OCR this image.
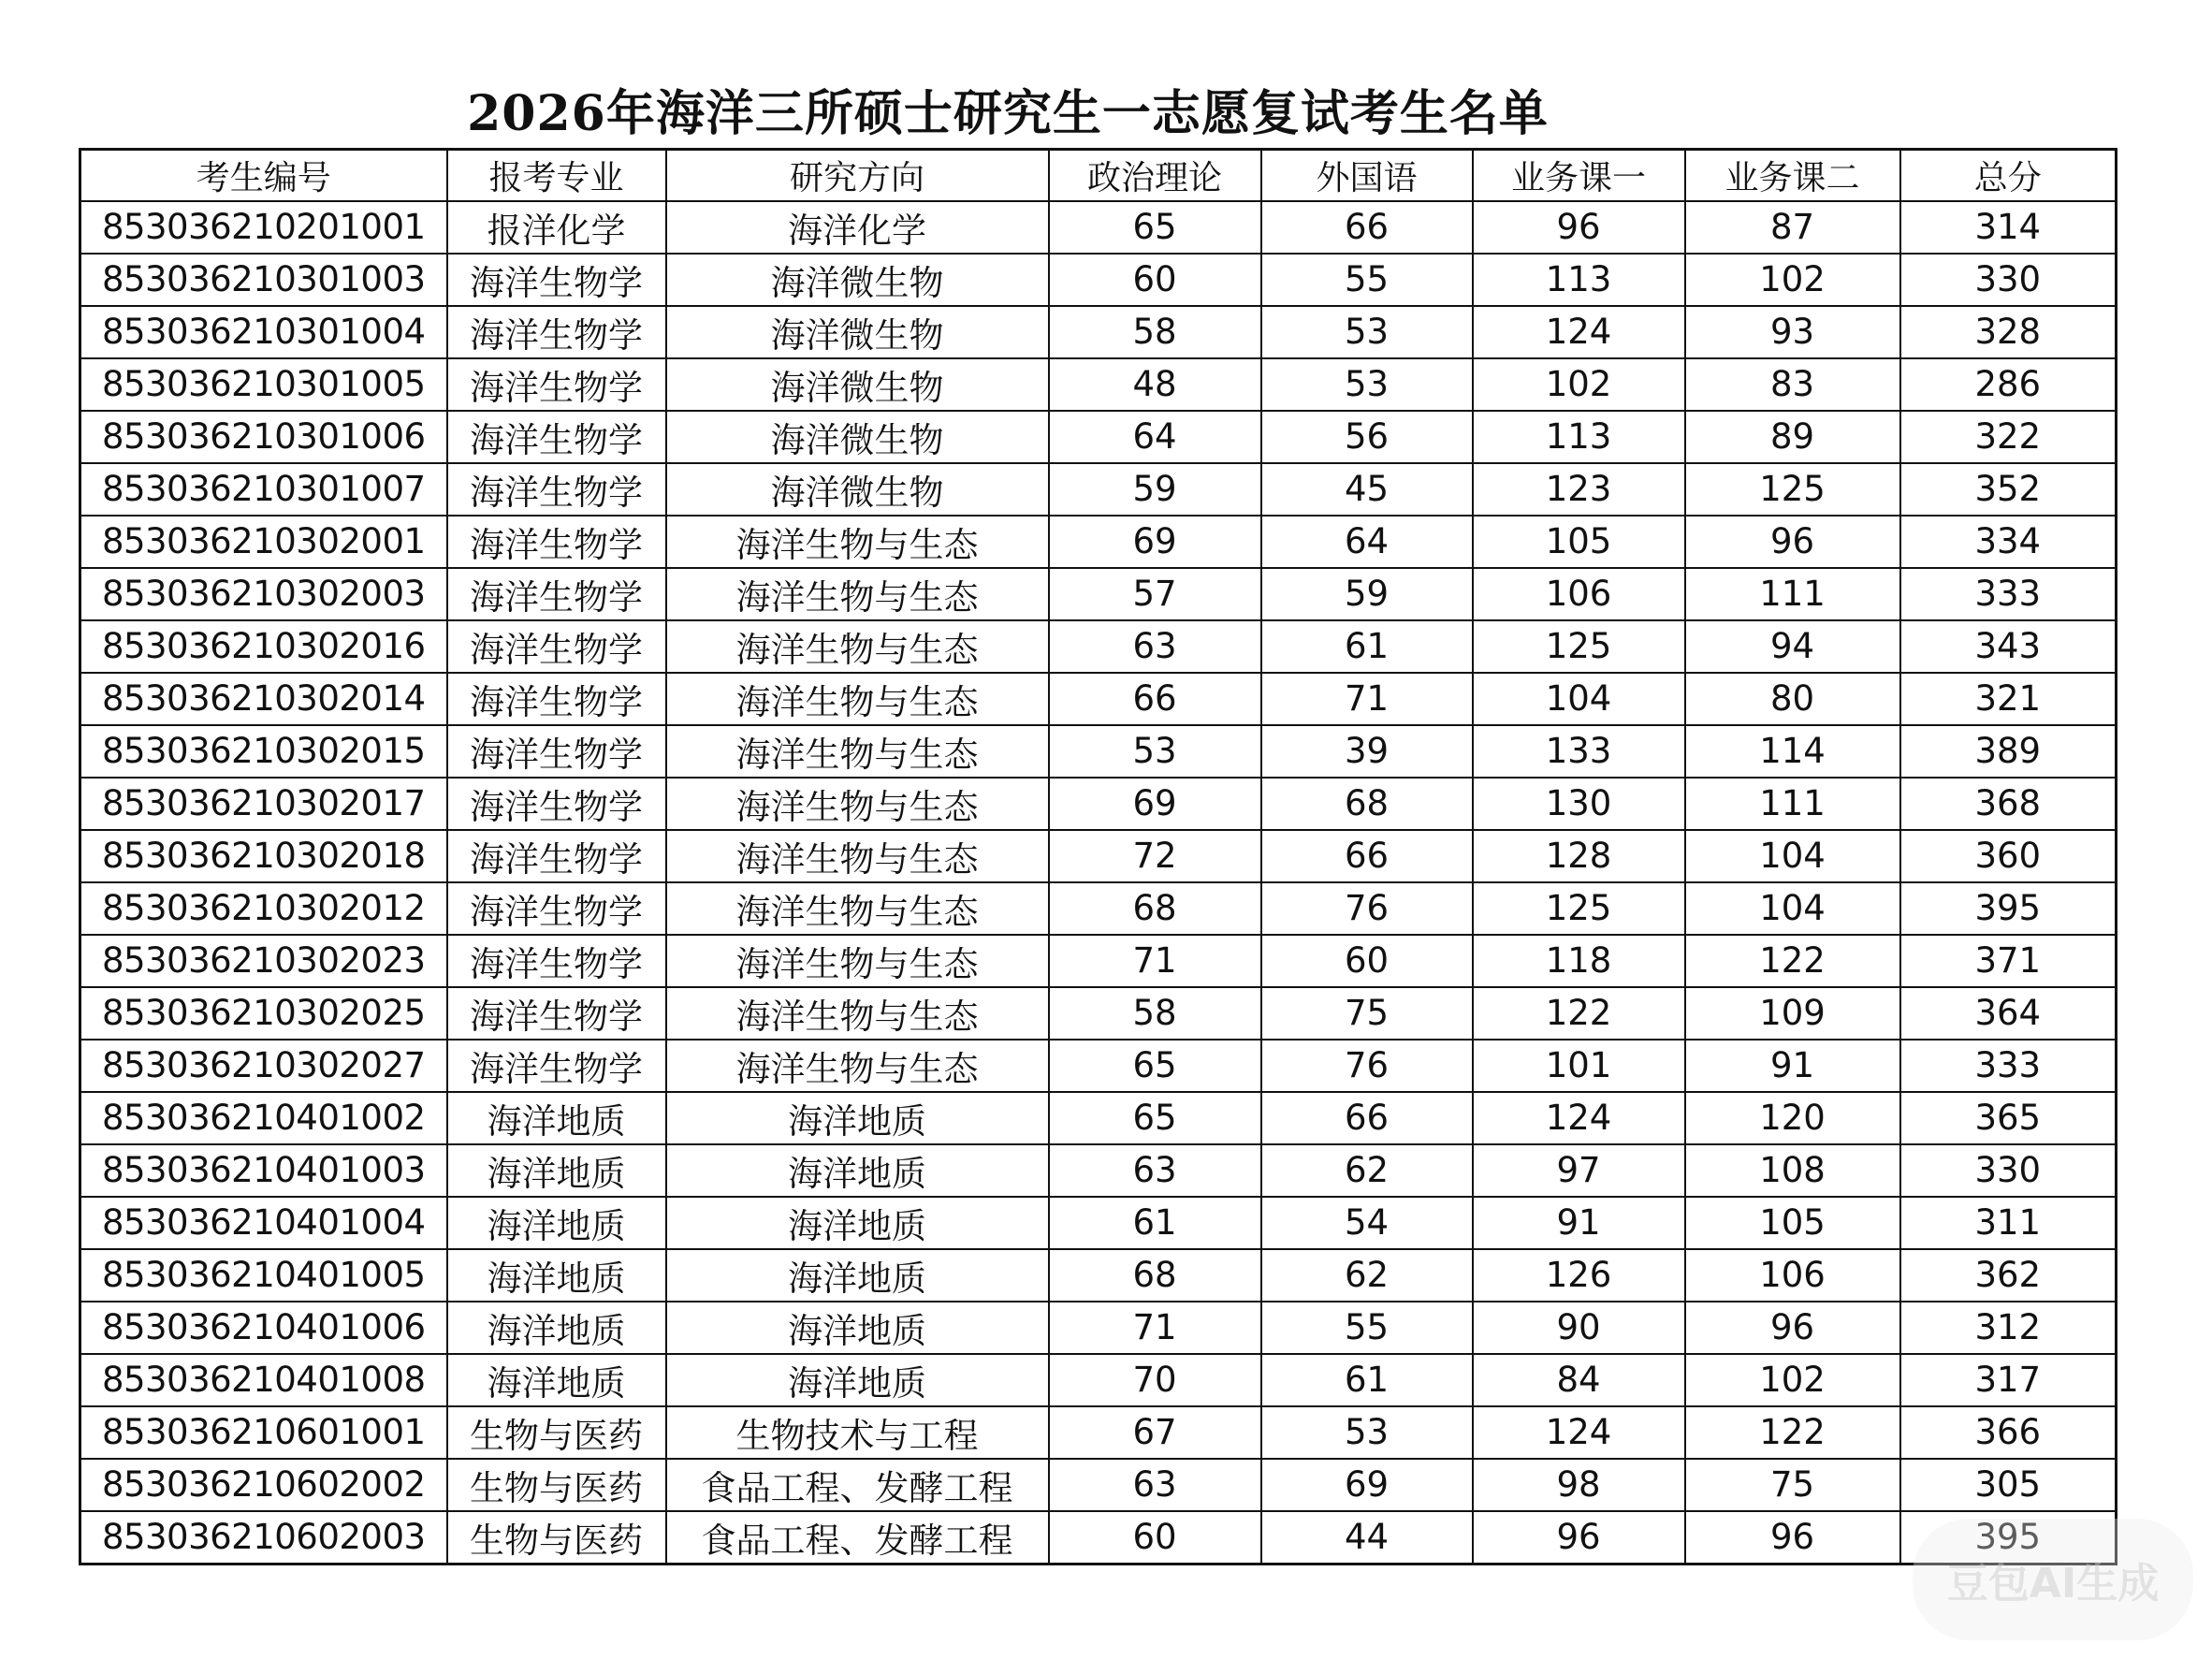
2026年海洋三所硕士研究生一志愿复试考生名单
考生编号	报考专业	研究方向	政治理论	外国语	业务课一	业务课二	总分
853036210201001	报洋化学	海洋化学	65	66	96	87	314
853036210301003	海洋生物学	海洋微生物	60	55	113	102	330
853036210301004	海洋生物学	海洋微生物	58	53	124	93	328
853036210301005	海洋生物学	海洋微生物	48	53	102	83	286
853036210301006	海洋生物学	海洋微生物	64	56	113	89	322
853036210301007	海洋生物学	海洋微生物	59	45	123	125	352
853036210302001	海洋生物学	海洋生物与生态	69	64	105	96	334
853036210302003	海洋生物学	海洋生物与生态	57	59	106	111	333
853036210302016	海洋生物学	海洋生物与生态	63	61	125	94	343
853036210302014	海洋生物学	海洋生物与生态	66	71	104	80	321
853036210302015	海洋生物学	海洋生物与生态	53	39	133	114	389
853036210302017	海洋生物学	海洋生物与生态	69	68	130	111	368
853036210302018	海洋生物学	海洋生物与生态	72	66	128	104	360
853036210302012	海洋生物学	海洋生物与生态	68	76	125	104	395
853036210302023	海洋生物学	海洋生物与生态	71	60	118	122	371
853036210302025	海洋生物学	海洋生物与生态	58	75	122	109	364
853036210302027	海洋生物学	海洋生物与生态	65	76	101	91	333
853036210401002	海洋地质	海洋地质	65	66	124	120	365
853036210401003	海洋地质	海洋地质	63	62	97	108	330
853036210401004	海洋地质	海洋地质	61	54	91	105	311
853036210401005	海洋地质	海洋地质	68	62	126	106	362
853036210401006	海洋地质	海洋地质	71	55	90	96	312
853036210401008	海洋地质	海洋地质	70	61	84	102	317
853036210601001	生物与医药	生物技术与工程	67	53	124	122	366
853036210602002	生物与医药	食品工程、发酵工程	63	69	98	75	305
853036210602003	生物与医药	食品工程、发酵工程	60	44	96	96	395
豆包AI生成
